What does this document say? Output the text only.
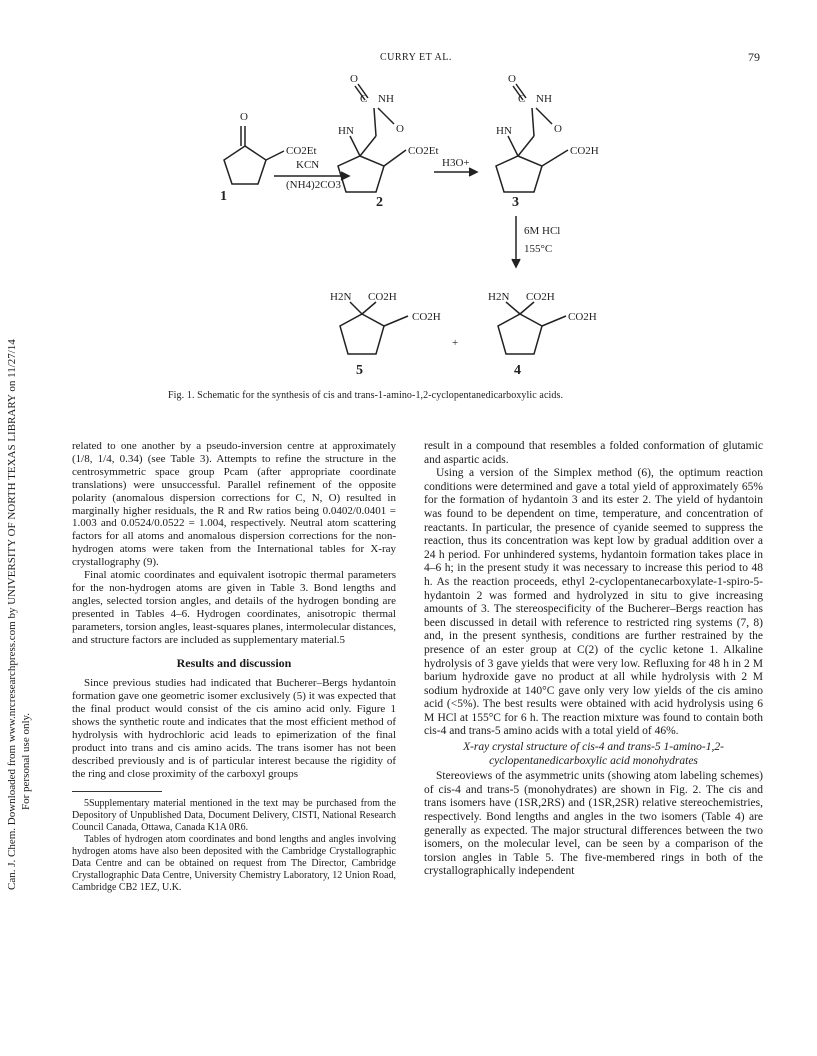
CURRY ET AL.	79
Can. J. Chem. Downloaded from www.nrcresearchpress.com by UNIVERSITY OF NORTH TEXAS LIBRARY on 11/27/14 For personal use only.
O
CO2Et
1
KCN
(NH4)2CO3
O
C NH
HN	O
CO2Et
2
H3O+
O
C NH
HN	O
CO2H
3
6M HCl
155°C
H2N CO2H
CO2H
+
5
H2N CO2H
CO2H
4
Fig. 1. Schematic for the synthesis of cis and trans-1-amino-1,2-cyclopentanedicarboxylic acids.

related to one another by a pseudo-inversion centre at approximately (1/8, 1/4, 0.34) (see Table 3). Attempts to refine the structure in the centrosymmetric space group Pcam (after appropriate coordinate translations) were unsuccessful. Parallel refinement of the opposite polarity (anomalous dispersion corrections for C, N, O) resulted in marginally higher residuals, the R and Rw ratios being 0.0402/0.0401 = 1.003 and 0.0524/0.0522 = 1.004, respectively. Neutral atom scattering factors for all atoms and anomalous dispersion corrections for the non-hydrogen atoms were taken from the International tables for X-ray crystallography (9).

Final atomic coordinates and equivalent isotropic thermal parameters for the non-hydrogen atoms are given in Table 3. Bond lengths and angles, selected torsion angles, and details of the hydrogen bonding are presented in Tables 4–6. Hydrogen coordinates, anisotropic thermal parameters, torsion angles, least-squares planes, intermolecular distances, and structure factors are included as supplementary material.5

Results and discussion

Since previous studies had indicated that Bucherer–Bergs hydantoin formation gave one geometric isomer exclusively (5) it was expected that the final product would consist of the cis amino acid only. Figure 1 shows the synthetic route and indicates that the most efficient method of hydrolysis with hydrochloric acid leads to epimerization of the final product into trans and cis amino acids. The trans isomer has not been described previously and is of particular interest because the rigidity of the ring and close proximity of the carboxyl groups

5Supplementary material mentioned in the text may be purchased from the Depository of Unpublished Data, Document Delivery, CISTI, National Research Council Canada, Ottawa, Canada K1A 0R6.

Tables of hydrogen atom coordinates and bond lengths and angles involving hydrogen atoms have also been deposited with the Cambridge Crystallographic Data Centre and can be obtained on request from The Director, Cambridge Crystallographic Data Centre, University Chemistry Laboratory, 12 Union Road, Cambridge CB2 1EZ, U.K.

result in a compound that resembles a folded conformation of glutamic and aspartic acids.

Using a version of the Simplex method (6), the optimum reaction conditions were determined and gave a total yield of approximately 65% for the formation of hydantoin 3 and its ester 2. The yield of hydantoin was found to be dependent on time, temperature, and concentration of reactants. In particular, the presence of cyanide seemed to suppress the reaction, thus its concentration was kept low by gradual addition over a 24 h period. For unhindered systems, hydantoin formation takes place in 4–6 h; in the present study it was necessary to increase this period to 48 h. As the reaction proceeds, ethyl 2-cyclopentanecarboxylate-1-spiro-5-hydantoin 2 was formed and hydrolyzed in situ to give increasing amounts of 3. The stereospecificity of the Bucherer–Bergs reaction has been discussed in detail with reference to restricted ring systems (7, 8) and, in the present synthesis, conditions are further restrained by the presence of an ester group at C(2) of the cyclic ketone 1. Alkaline hydrolysis of 3 gave yields that were very low. Refluxing for 48 h in 2 M barium hydroxide gave no product at all while hydrolysis with 2 M sodium hydroxide at 140°C gave only very low yields of the cis amino acid (<5%). The best results were obtained with acid hydrolysis using 6 M HCl at 155°C for 6 h. The reaction mixture was found to contain both cis-4 and trans-5 amino acids with a total yield of 46%.

X-ray crystal structure of cis-4 and trans-5 1-amino-1,2-cyclopentanedicarboxylic acid monohydrates

Stereoviews of the asymmetric units (showing atom labeling schemes) of cis-4 and trans-5 (monohydrates) are shown in Fig. 2. The cis and trans isomers have (1SR,2RS) and (1SR,2SR) relative stereochemistries, respectively. Bond lengths and angles in the two isomers (Table 4) are generally as expected. The major structural differences between the two isomers, on the molecular level, can be seen by a comparison of the torsion angles in Table 5. The five-membered rings in both of the crystallographically independent
